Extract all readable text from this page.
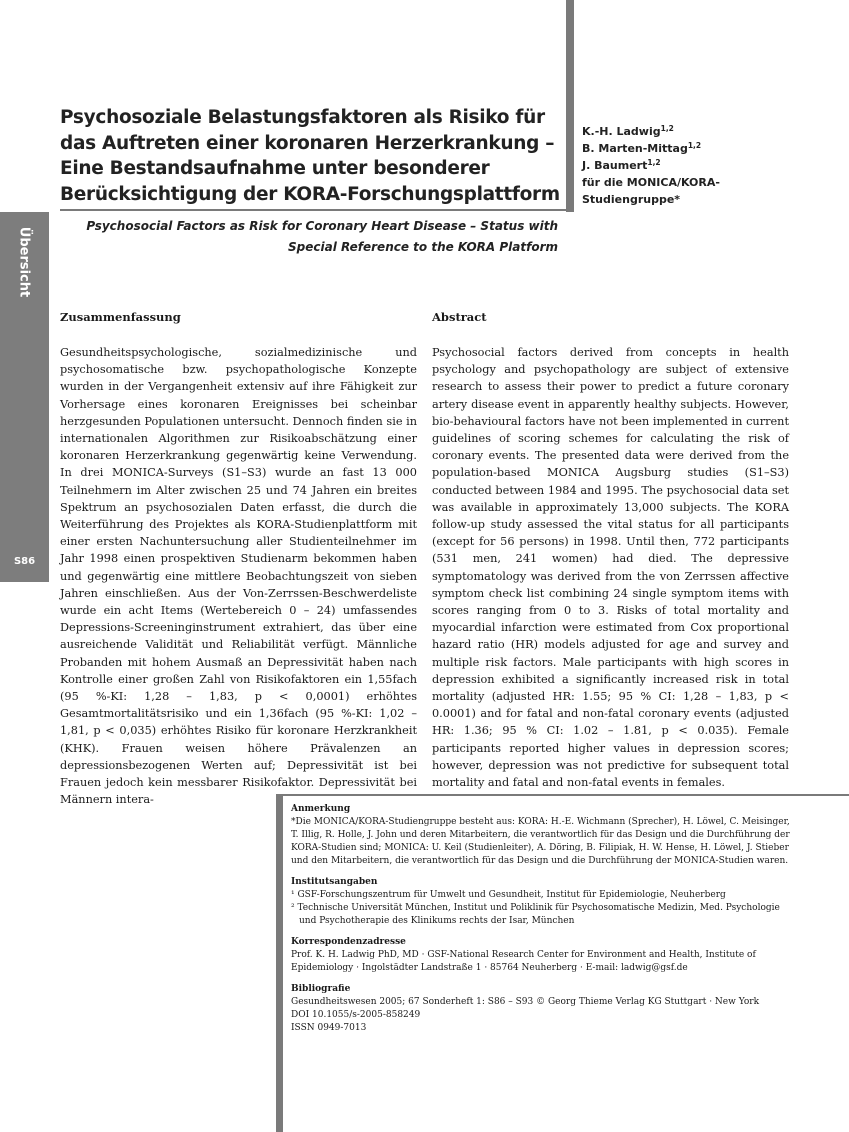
Übersicht
S86
Psychosoziale Belastungsfaktoren als Risiko für das Auftreten einer koronaren Herzerkrankung – Eine Bestandsaufnahme unter besonderer Berücksichtigung der KORA-Forschungsplattform
K.-H. Ladwig$^{1,2}$
B. Marten-Mittag$^{1,2}$
J. Baumert$^{1,2}$
für die MONICA/KORA-Studiengruppe*
Psychosocial Factors as Risk for Coronary Heart Disease – Status with Special Reference to the KORA Platform
Zusammenfassung	Abstract
Gesundheitspsychologische, sozialmedizinische und psychosomatische bzw. psychopathologische Konzepte wurden in der Vergangenheit extensiv auf ihre Fähigkeit zur Vorhersage eines koronaren Ereignisses bei scheinbar herzgesunden Populationen untersucht. Dennoch finden sie in internationalen Algorithmen zur Risikoabschätzung einer koronaren Herzerkrankung gegenwärtig keine Verwendung. In drei MONICA-Surveys (S1–S3) wurde an fast 13 000 Teilnehmern im Alter zwischen 25 und 74 Jahren ein breites Spektrum an psychosozialen Daten erfasst, die durch die Weiterführung des Projektes als KORA-Studienplattform mit einer ersten Nachuntersuchung aller Studienteilnehmer im Jahr 1998 einen prospektiven Studienarm bekommen haben und gegenwärtig eine mittlere Beobachtungszeit von sieben Jahren einschließen. Aus der Von-Zerrssen-Beschwerdeliste wurde ein acht Items (Wertebereich 0 – 24) umfassendes Depressions-Screeninginstrument extrahiert, das über eine ausreichende Validität und Reliabilität verfügt. Männliche Probanden mit hohem Ausmaß an Depressivität haben nach Kontrolle einer großen Zahl von Risikofaktoren ein 1,55fach (95 %-KI: 1,28 – 1,83, p < 0,0001) erhöhtes Gesamtmortalitätsrisiko und ein 1,36fach (95 %-KI: 1,02 – 1,81, p < 0,035) erhöhtes Risiko für koronare Herzkrankheit (KHK). Frauen weisen höhere Prävalenzen an depressionsbezogenen Werten auf; Depressivität ist bei Frauen jedoch kein messbarer Risikofaktor. Depressivität bei Männern intera-
Psychosocial factors derived from concepts in health psychology and psychopathology are subject of extensive research to assess their power to predict a future coronary artery disease event in apparently healthy subjects. However, bio-behavioural factors have not been implemented in current guidelines of scoring schemes for calculating the risk of coronary events. The presented data were derived from the population-based MONICA Augsburg studies (S1–S3) conducted between 1984 and 1995. The psychosocial data set was available in approximately 13,000 subjects. The KORA follow-up study assessed the vital status for all participants (except for 56 persons) in 1998. Until then, 772 participants (531 men, 241 women) had died. The depressive symptomatology was derived from the von Zerrssen affective symptom check list combining 24 single symptom items with scores ranging from 0 to 3. Risks of total mortality and myocardial infarction were estimated from Cox proportional hazard ratio (HR) models adjusted for age and survey and multiple risk factors. Male participants with high scores in depression exhibited a significantly increased risk in total mortality (adjusted HR: 1.55; 95 % CI: 1,28 – 1,83, p < 0.0001) and for fatal and non-fatal coronary events (adjusted HR: 1.36; 95 % CI: 1.02 – 1.81, p < 0.035). Female participants reported higher values in depression scores; however, depression was not predictive for subsequent total mortality and fatal and non-fatal events in females.
Anmerkung

*Die MONICA/KORA-Studiengruppe besteht aus: KORA: H.-E. Wichmann (Sprecher), H. Löwel, C. Meisinger, T. Illig, R. Holle, J. John und deren Mitarbeitern, die verantwortlich für das Design und die Durchführung der KORA-Studien sind; MONICA: U. Keil (Studienleiter), A. Döring, B. Filipiak, H. W. Hense, H. Löwel, J. Stieber und den Mitarbeitern, die verantwortlich für das Design und die Durchführung der MONICA-Studien waren.

Institutsangaben

¹ GSF-Forschungszentrum für Umwelt und Gesundheit, Institut für Epidemiologie, Neuherberg

² Technische Universität München, Institut und Poliklinik für Psychosomatische Medizin, Med. Psychologie und Psychotherapie des Klinikums rechts der Isar, München

Korrespondenzadresse

Prof. K. H. Ladwig PhD, MD · GSF-National Research Center for Environment and Health, Institute of Epidemiology · Ingolstädter Landstraße 1 · 85764 Neuherberg · E-mail: ladwig@gsf.de

Bibliografie

Gesundheitswesen 2005; 67 Sonderheft 1: S86 – S93 © Georg Thieme Verlag KG Stuttgart · New York

DOI 10.1055/s-2005-858249

ISSN 0949-7013
